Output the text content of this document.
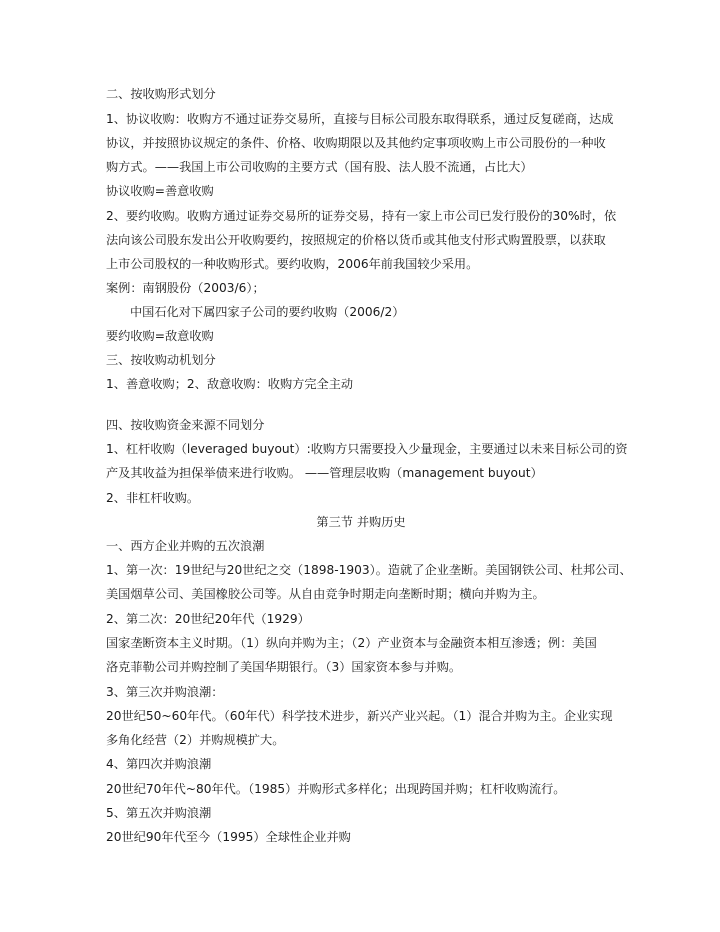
二、按收购形式划分
1、协议收购：收购方不通过证券交易所，直接与目标公司股东取得联系，通过反复磋商，达成
协议，并按照协议规定的条件、价格、收购期限以及其他约定事项收购上市公司股份的一种收
购方式。——我国上市公司收购的主要方式（国有股、法人股不流通，占比大）
协议收购=善意收购
2、要约收购。收购方通过证券交易所的证券交易，持有一家上市公司已发行股份的30%时，依
法向该公司股东发出公开收购要约，按照规定的价格以货币或其他支付形式购置股票，以获取
上市公司股权的一种收购形式。要约收购，2006年前我国较少采用。
案例：南钢股份（2003/6）；
中国石化对下属四家子公司的要约收购（2006/2）
要约收购=敌意收购
三、按收购动机划分
1、善意收购；2、敌意收购：收购方完全主动
四、按收购资金来源不同划分
1、杠杆收购（leveraged buyout）:收购方只需要投入少量现金，主要通过以未来目标公司的资
产及其收益为担保举债来进行收购。 ——管理层收购（management buyout）
2、非杠杆收购。
第三节 并购历史
一、西方企业并购的五次浪潮
1、第一次：19世纪与20世纪之交（1898-1903）。造就了企业垄断。美国钢铁公司、杜邦公司、
美国烟草公司、美国橡胶公司等。从自由竞争时期走向垄断时期；横向并购为主。
2、第二次：20世纪20年代（1929）
国家垄断资本主义时期。（1）纵向并购为主；（2）产业资本与金融资本相互渗透；例：美国
洛克菲勒公司并购控制了美国华期银行。（3）国家资本参与并购。
3、第三次并购浪潮：
20世纪50~60年代。（60年代）科学技术进步，新兴产业兴起。（1）混合并购为主。企业实现
多角化经营（2）并购规模扩大。
4、第四次并购浪潮
20世纪70年代~80年代。（1985）并购形式多样化；出现跨国并购；杠杆收购流行。
5、第五次并购浪潮
20世纪90年代至今（1995）全球性企业并购
